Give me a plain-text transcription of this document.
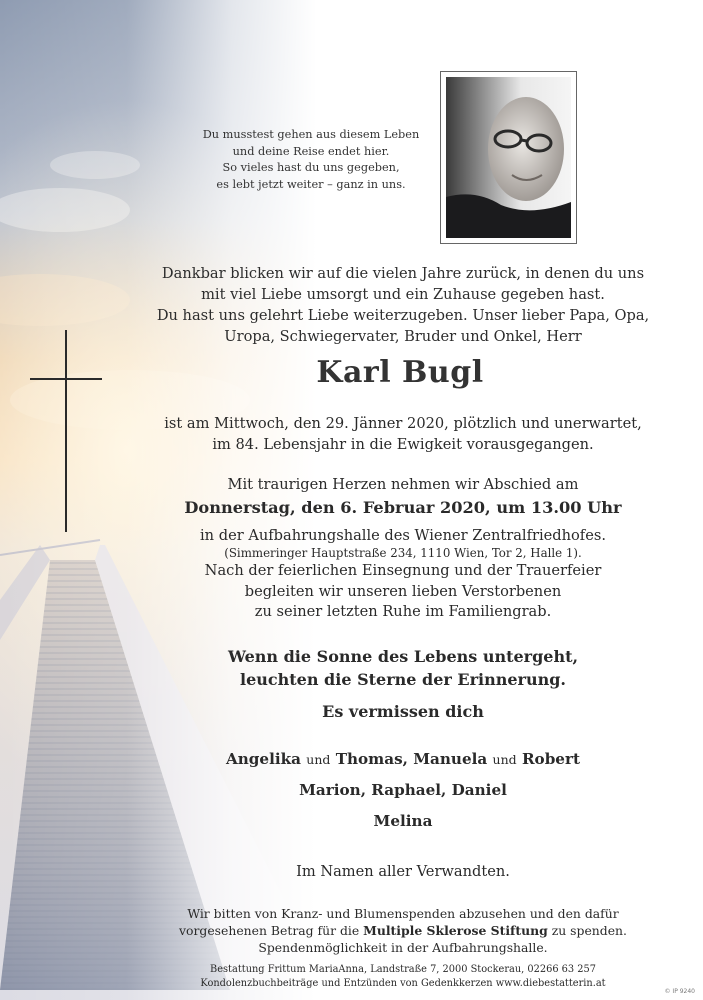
Du musstest gehen aus diesem Leben
und deine Reise endet hier.
So vieles hast du uns gegeben,
es lebt jetzt weiter – ganz in uns.
Dankbar blicken wir auf die vielen Jahre zurück, in denen du uns
mit viel Liebe umsorgt und ein Zuhause gegeben hast.
Du hast uns gelehrt Liebe weiterzugeben. Unser lieber Papa, Opa,
Uropa, Schwiegervater, Bruder und Onkel, Herr
Karl Bugl
ist am Mittwoch, den 29. Jänner 2020, plötzlich und unerwartet,
im 84. Lebensjahr in die Ewigkeit vorausgegangen.
Mit traurigen Herzen nehmen wir Abschied am
Donnerstag, den 6. Februar 2020, um 13.00 Uhr
in der Aufbahrungshalle des Wiener Zentralfriedhofes.
(Simmeringer Hauptstraße 234, 1110 Wien, Tor 2, Halle 1).
Nach der feierlichen Einsegnung und der Trauerfeier
begleiten wir unseren lieben Verstorbenen
zu seiner letzten Ruhe im Familiengrab.
Wenn die Sonne des Lebens untergeht,
leuchten die Sterne der Erinnerung.
Es vermissen dich
Angelika und Thomas, Manuela und Robert
Marion, Raphael, Daniel
Melina
Im Namen aller Verwandten.
Wir bitten von Kranz- und Blumenspenden abzusehen und den dafür
vorgesehenen Betrag für die Multiple Sklerose Stiftung zu spenden.
Spendenmöglichkeit in der Aufbahrungshalle.
Bestattung Frittum MariaAnna, Landstraße 7, 2000 Stockerau, 02266 63 257
Kondolenzbuchbeiträge und Entzünden von Gedenkkerzen www.diebestatterin.at
© IP 9240
